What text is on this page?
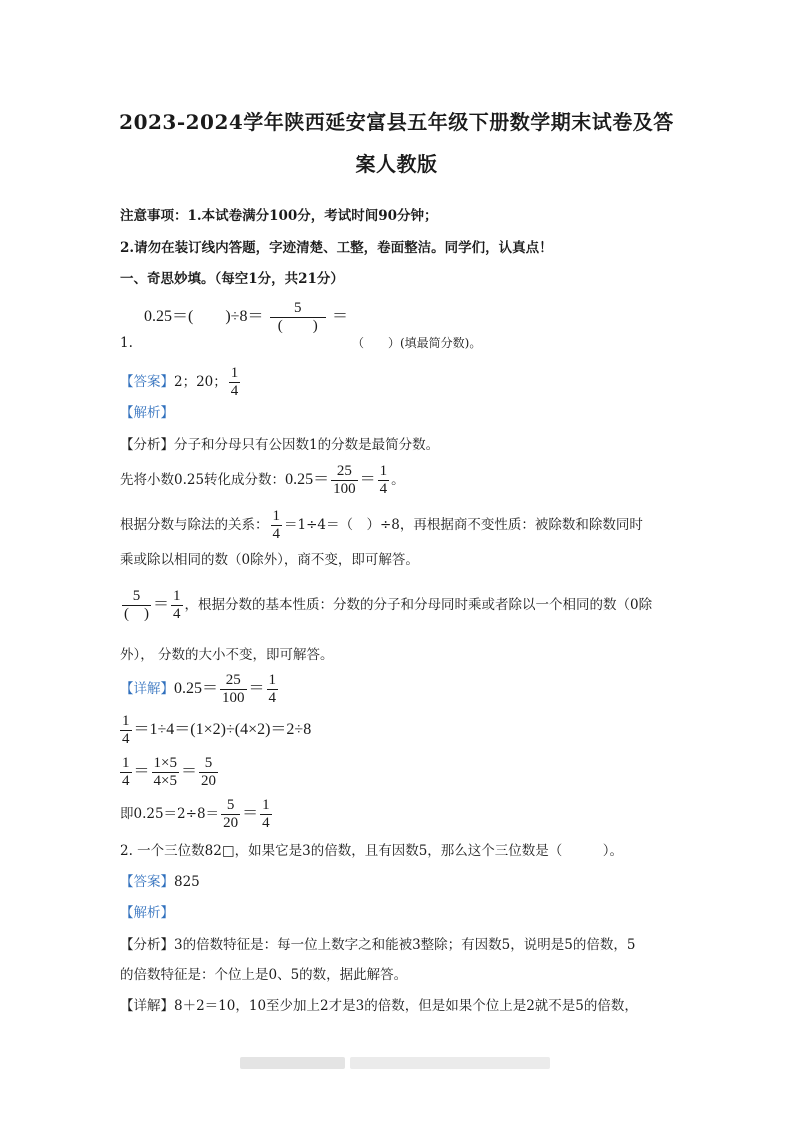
2023-2024学年陕西延安富县五年级下册数学期末试卷及答
案人教版
注意事项：1.本试卷满分100分，考试时间90分钟；
2.请勿在装订线内答题，字迹清楚、工整，卷面整洁。同学们，认真点！
一、奇思妙填。（每空1分，共21分）
1.
0.25＝(　　)$\div 8= \frac{5}{( )}$ ＝
（　　）(填最简分数)。
【答案】2；20； $\frac{1}{4}$
【解析】
【分析】分子和分母只有公因数1的分数是最简分数。
先将小数0.25转化成分数：$0.25= \frac{25}{100} = \frac{1}{4}$ 。
根据分数与除法的关系： $\frac{1}{4} =1\div 4=$（　）÷8，再根据商不变性质：被除数和除数同时
乘或除以相同的数（0除外），商不变，即可解答。
$\frac{5}{( )} = \frac{1}{4}$ ，根据分数的基本性质：分数的分子和分母同时乘或者除以一个相同的数（0除
外）， 分数的大小不变，即可解答。
【详解】$0.25= \frac{25}{100} = \frac{1}{4}$
$\frac{1}{4} =1\div 4=(1\times 2)\div(4\times 2)=2\div 8$
$\frac{1}{4} = \frac{1\times 5}{4\times 5} = \frac{5}{20}$
即$0.25=2\div 8= \frac{5}{20} = \frac{1}{4}$
2. 一个三位数82□，如果它是3的倍数，且有因数5，那么这个三位数是（　　　）。
【答案】825
【解析】
【分析】3的倍数特征是：每一位上数字之和能被3整除；有因数5，说明是5的倍数，5
的倍数特征是：个位上是0、5的数，据此解答。
【详解】8＋2＝10，10至少加上2才是3的倍数，但是如果个位上是2就不是5的倍数，
